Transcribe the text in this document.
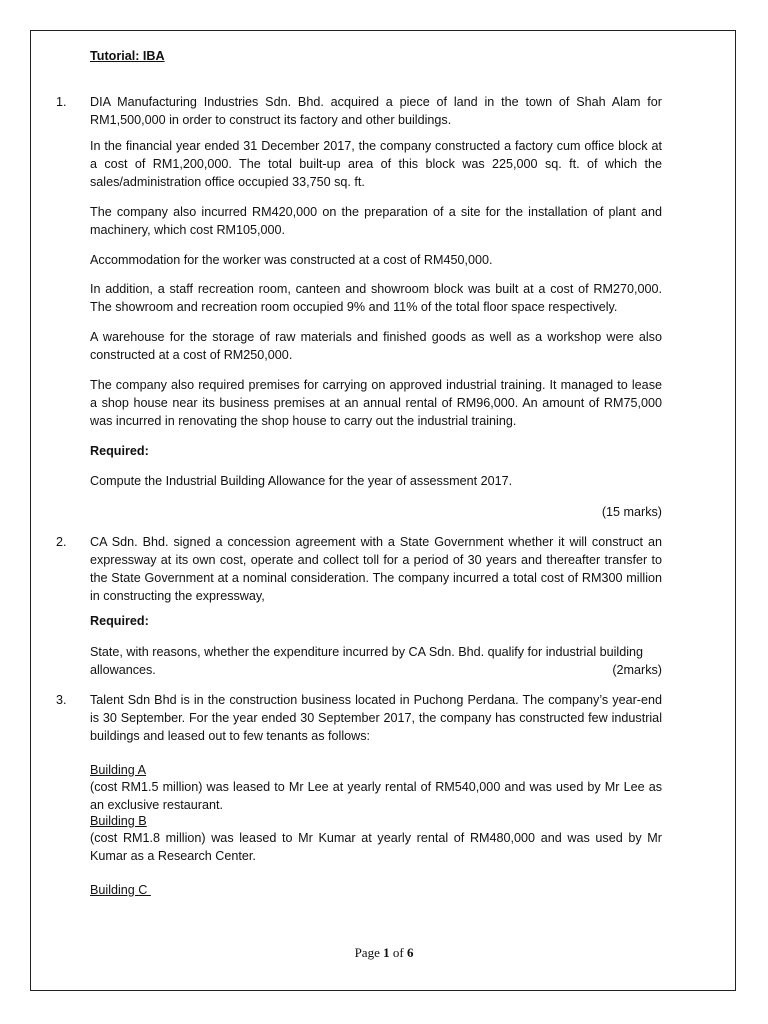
Tutorial: IBA
1. DIA Manufacturing Industries Sdn. Bhd. acquired a piece of land in the town of Shah Alam for RM1,500,000 in order to construct its factory and other buildings.
In the financial year ended 31 December 2017, the company constructed a factory cum office block at a cost of RM1,200,000. The total built-up area of this block was 225,000 sq. ft. of which the sales/administration office occupied 33,750 sq. ft.
The company also incurred RM420,000 on the preparation of a site for the installation of plant and machinery, which cost RM105,000.
Accommodation for the worker was constructed at a cost of RM450,000.
In addition, a staff recreation room, canteen and showroom block was built at a cost of RM270,000. The showroom and recreation room occupied 9% and 11% of the total floor space respectively.
A warehouse for the storage of raw materials and finished goods as well as a workshop were also constructed at a cost of RM250,000.
The company also required premises for carrying on approved industrial training. It managed to lease a shop house near its business premises at an annual rental of RM96,000. An amount of RM75,000 was incurred in renovating the shop house to carry out the industrial training.
Required:
Compute the Industrial Building Allowance for the year of assessment 2017.
(15 marks)
2. CA Sdn. Bhd. signed a concession agreement with a State Government whether it will construct an expressway at its own cost, operate and collect toll for a period of 30 years and thereafter transfer to the State Government at a nominal consideration. The company incurred a total cost of RM300 million in constructing the expressway,
Required:
State, with reasons, whether the expenditure incurred by CA Sdn. Bhd. qualify for industrial building
allowances.	(2marks)
3. Talent Sdn Bhd is in the construction business located in Puchong Perdana. The company’s year-end is 30 September. For the year ended 30 September 2017, the company has constructed few industrial buildings and leased out to few tenants as follows:
Building A
(cost RM1.5 million) was leased to Mr Lee at yearly rental of RM540,000 and was used by Mr Lee as an exclusive restaurant.
Building B
(cost RM1.8 million) was leased to Mr Kumar at yearly rental of RM480,000 and was used by Mr Kumar as a Research Center.
Building C
Page 1 of 6
